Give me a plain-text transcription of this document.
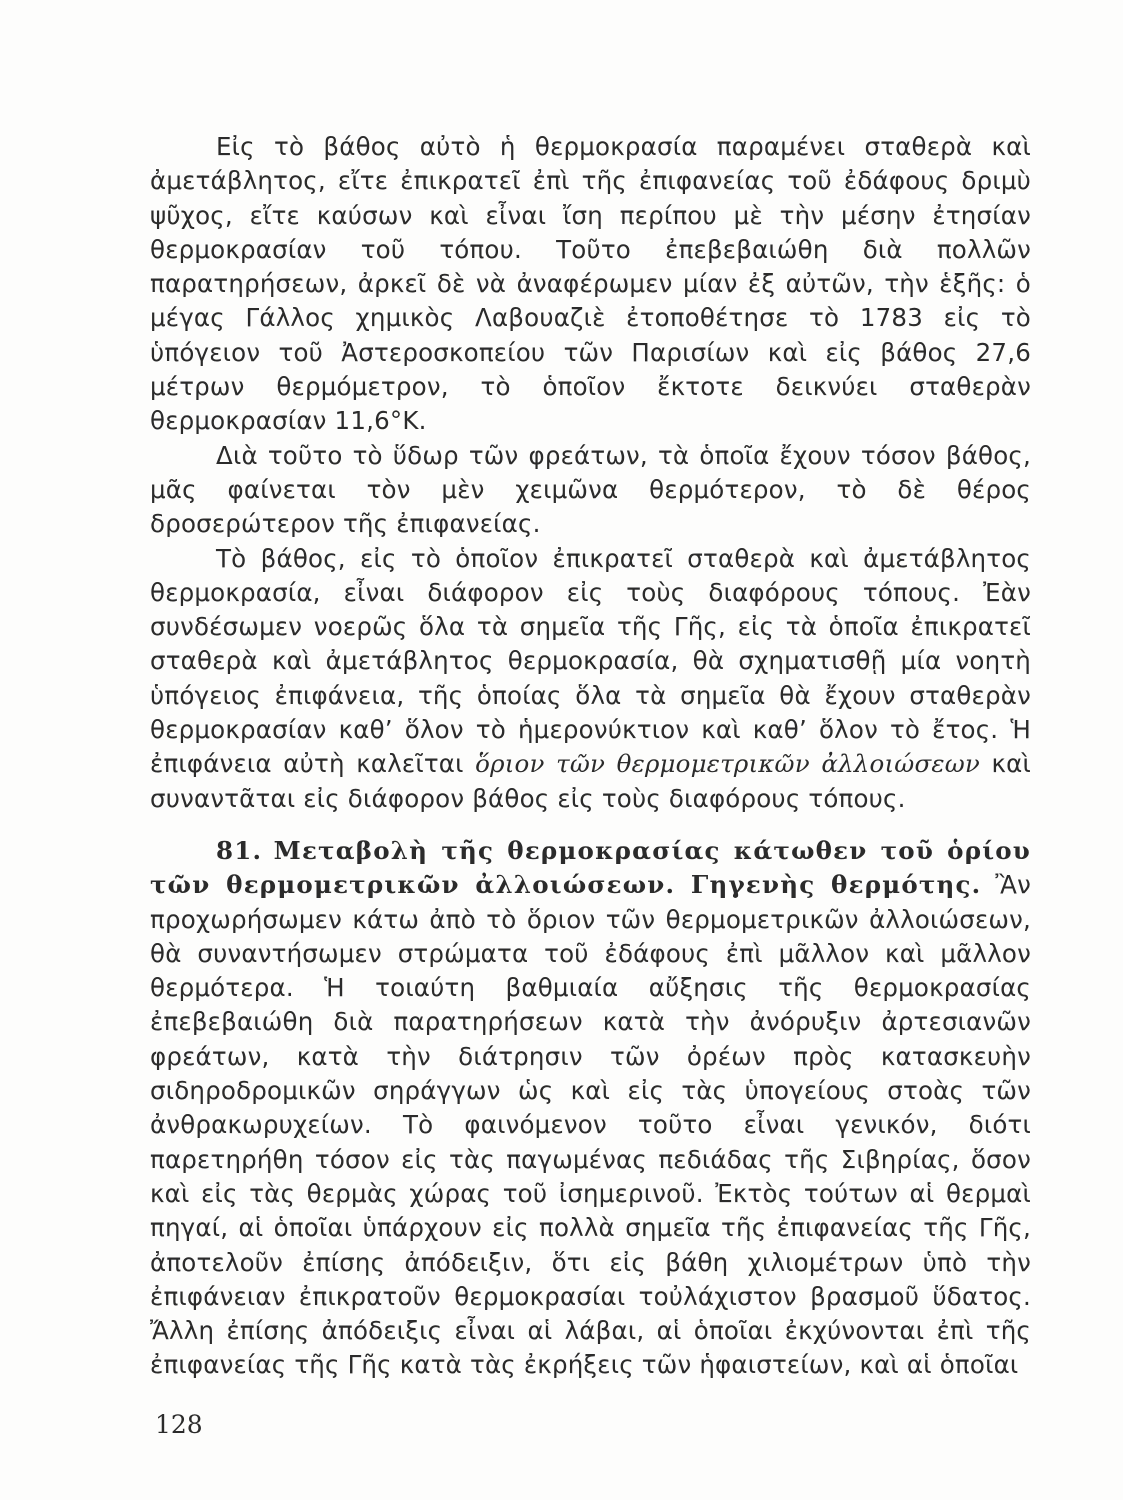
Εἰς τὸ βάθος αὐτὸ ἡ θερμοκρασία παραμένει σταθερὰ καὶ ἀμετάβλητος, εἴτε ἐπικρατεῖ ἐπὶ τῆς ἐπιφανείας τοῦ ἐδάφους δριμὺ ψῦχος, εἴτε καύσων καὶ εἶναι ἴση περίπου μὲ τὴν μέσην ἐτησίαν θερμοκρασίαν τοῦ τόπου. Τοῦτο ἐπεβεβαιώθη διὰ πολλῶν παρατηρήσεων, ἀρκεῖ δὲ νὰ ἀναφέρωμεν μίαν ἐξ αὐτῶν, τὴν ἑξῆς: ὁ μέγας Γάλλος χημικὸς Λαβουαζιὲ ἐτοποθέτησε τὸ 1783 εἰς τὸ ὑπόγειον τοῦ Ἀστεροσκοπείου τῶν Παρισίων καὶ εἰς βάθος 27,6 μέτρων θερμόμετρον, τὸ ὁποῖον ἔκτοτε δεικνύει σταθερὰν θερμοκρασίαν 11,6°K.

Διὰ τοῦτο τὸ ὕδωρ τῶν φρεάτων, τὰ ὁποῖα ἔχουν τόσον βάθος, μᾶς φαίνεται τὸν μὲν χειμῶνα θερμότερον, τὸ δὲ θέρος δροσερώτερον τῆς ἐπιφανείας.

Τὸ βάθος, εἰς τὸ ὁποῖον ἐπικρατεῖ σταθερὰ καὶ ἀμετάβλητος θερμοκρασία, εἶναι διάφορον εἰς τοὺς διαφόρους τόπους. Ἐὰν συνδέσωμεν νοερῶς ὅλα τὰ σημεῖα τῆς Γῆς, εἰς τὰ ὁποῖα ἐπικρατεῖ σταθερὰ καὶ ἀμετάβλητος θερμοκρασία, θὰ σχηματισθῇ μία νοητὴ ὑπόγειος ἐπιφάνεια, τῆς ὁποίας ὅλα τὰ σημεῖα θὰ ἔχουν σταθερὰν θερμοκρασίαν καθ’ ὅλον τὸ ἡμερονύκτιον καὶ καθ’ ὅλον τὸ ἔτος. Ἡ ἐπιφάνεια αὐτὴ καλεῖται ὅριον τῶν θερμομετρικῶν ἀλλοιώσεων καὶ συναντᾶται εἰς διάφορον βάθος εἰς τοὺς διαφόρους τόπους.

81. Μεταβολὴ τῆς θερμοκρασίας κάτωθεν τοῦ ὁρίου τῶν θερμομετρικῶν ἀλλοιώσεων. Γηγενὴς θερμότης. Ἂν προχωρήσωμεν κάτω ἀπὸ τὸ ὅριον τῶν θερμομετρικῶν ἀλλοιώσεων, θὰ συναντήσωμεν στρώματα τοῦ ἐδάφους ἐπὶ μᾶλλον καὶ μᾶλλον θερμότερα. Ἡ τοιαύτη βαθμιαία αὔξησις τῆς θερμοκρασίας ἐπεβεβαιώθη διὰ παρατηρήσεων κατὰ τὴν ἀνόρυξιν ἀρτεσιανῶν φρεάτων, κατὰ τὴν διάτρησιν τῶν ὀρέων πρὸς κατασκευὴν σιδηροδρομικῶν σηράγγων ὡς καὶ εἰς τὰς ὑπογείους στοὰς τῶν ἀνθρακωρυχείων. Τὸ φαινόμενον τοῦτο εἶναι γενικόν, διότι παρετηρήθη τόσον εἰς τὰς παγωμένας πεδιάδας τῆς Σιβηρίας, ὅσον καὶ εἰς τὰς θερμὰς χώρας τοῦ ἰσημερινοῦ. Ἐκτὸς τούτων αἱ θερμαὶ πηγαί, αἱ ὁποῖαι ὑπάρχουν εἰς πολλὰ σημεῖα τῆς ἐπιφανείας τῆς Γῆς, ἀποτελοῦν ἐπίσης ἀπόδειξιν, ὅτι εἰς βάθη χιλιομέτρων ὑπὸ τὴν ἐπιφάνειαν ἐπικρατοῦν θερμοκρασίαι τοὐλάχιστον βρασμοῦ ὕδατος. Ἄλλη ἐπίσης ἀπόδειξις εἶναι αἱ λάβαι, αἱ ὁποῖαι ἐκχύνονται ἐπὶ τῆς ἐπιφανείας τῆς Γῆς κατὰ τὰς ἐκρήξεις τῶν ἡφαιστείων, καὶ αἱ ὁποῖαι

128
